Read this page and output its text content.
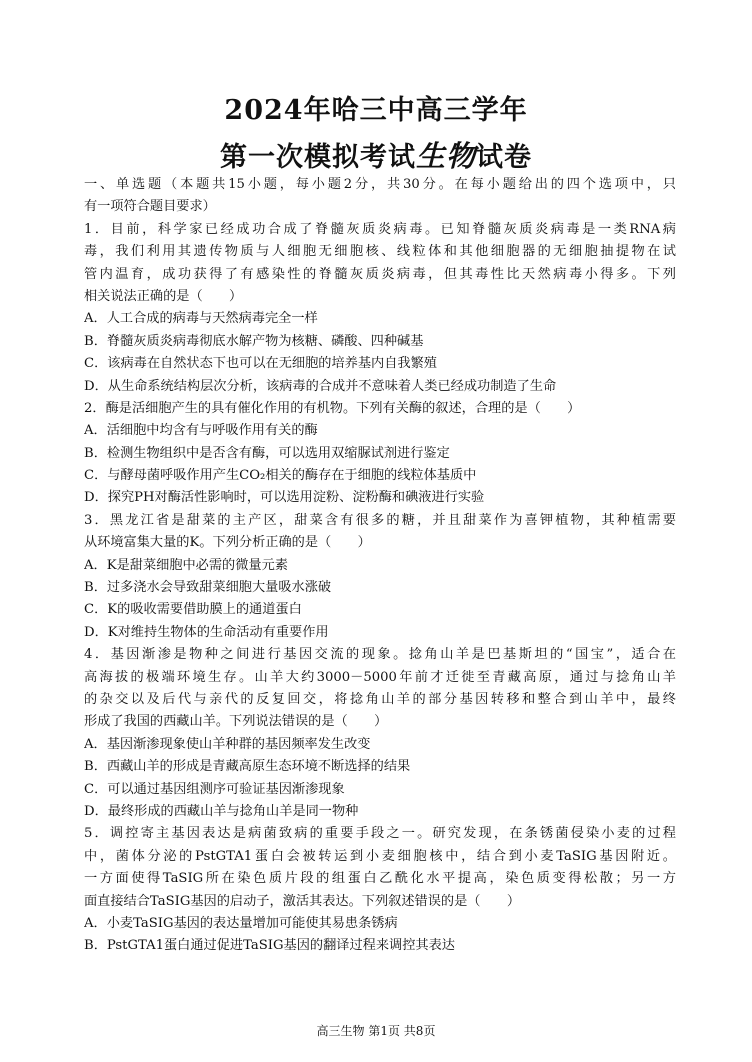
2024年哈三中高三学年
第一次模拟考试生物试卷
一、单选题（本题共15小题，每小题2分，共30分。在每小题给出的四个选项中，只
有一项符合题目要求）
1．目前，科学家已经成功合成了脊髓灰质炎病毒。已知脊髓灰质炎病毒是一类RNA病
毒，我们利用其遗传物质与人细胞无细胞核、线粒体和其他细胞器的无细胞抽提物在试
管内温育，成功获得了有感染性的脊髓灰质炎病毒，但其毒性比天然病毒小得多。下列
相关说法正确的是（　　）
A．人工合成的病毒与天然病毒完全一样
B．脊髓灰质炎病毒彻底水解产物为核糖、磷酸、四种碱基
C．该病毒在自然状态下也可以在无细胞的培养基内自我繁殖
D．从生命系统结构层次分析，该病毒的合成并不意味着人类已经成功制造了生命
2．酶是活细胞产生的具有催化作用的有机物。下列有关酶的叙述，合理的是（　　）
A．活细胞中均含有与呼吸作用有关的酶
B．检测生物组织中是否含有酶，可以选用双缩脲试剂进行鉴定
C．与酵母菌呼吸作用产生CO₂相关的酶存在于细胞的线粒体基质中
D．探究PH对酶活性影响时，可以选用淀粉、淀粉酶和碘液进行实验
3．黑龙江省是甜菜的主产区，甜菜含有很多的糖，并且甜菜作为喜钾植物，其种植需要
从环境富集大量的K。下列分析正确的是（　　）
A．K是甜菜细胞中必需的微量元素
B．过多浇水会导致甜菜细胞大量吸水涨破
C．K的吸收需要借助膜上的通道蛋白
D．K对维持生物体的生命活动有重要作用
4．基因渐渗是物种之间进行基因交流的现象。捻角山羊是巴基斯坦的“国宝”，适合在
高海拔的极端环境生存。山羊大约3000－5000年前才迁徙至青藏高原，通过与捻角山羊
的杂交以及后代与亲代的反复回交，将捻角山羊的部分基因转移和整合到山羊中，最终
形成了我国的西藏山羊。下列说法错误的是（　　）
A．基因渐渗现象使山羊种群的基因频率发生改变
B．西藏山羊的形成是青藏高原生态环境不断选择的结果
C．可以通过基因组测序可验证基因渐渗现象
D．最终形成的西藏山羊与捻角山羊是同一物种
5．调控寄主基因表达是病菌致病的重要手段之一。研究发现，在条锈菌侵染小麦的过程
中，菌体分泌的PstGTA1蛋白会被转运到小麦细胞核中，结合到小麦TaSIG基因附近。
一方面使得TaSIG所在染色质片段的组蛋白乙酰化水平提高，染色质变得松散；另一方
面直接结合TaSIG基因的启动子，激活其表达。下列叙述错误的是（　　）
A．小麦TaSIG基因的表达量增加可能使其易患条锈病
B．PstGTA1蛋白通过促进TaSIG基因的翻译过程来调控其表达
高三生物 第1页 共8页
